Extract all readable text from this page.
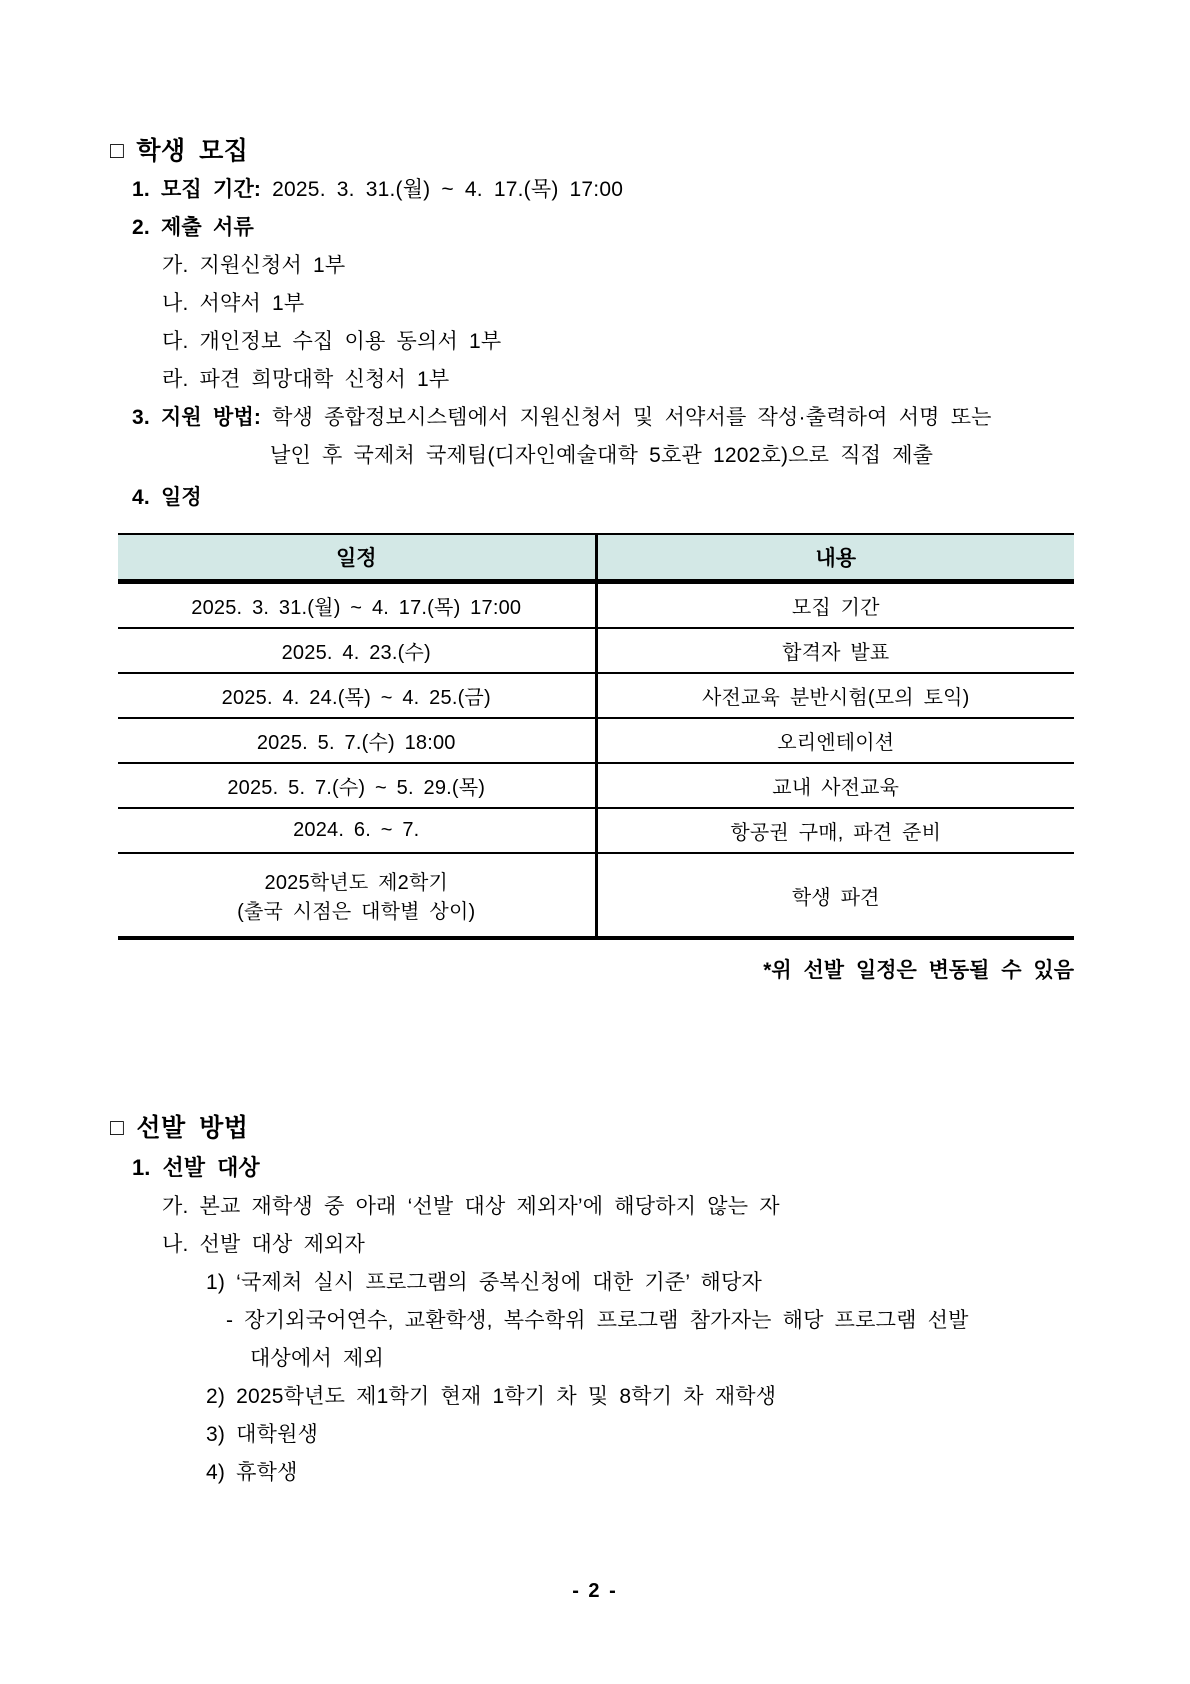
□ 학생 모집
1. 모집 기간: 2025. 3. 31.(월) ~ 4. 17.(목) 17:00
2. 제출 서류
가. 지원신청서 1부
나. 서약서 1부
다. 개인정보 수집 이용 동의서 1부
라. 파견 희망대학 신청서 1부
3. 지원 방법: 학생 종합정보시스템에서 지원신청서 및 서약서를 작성·출력하여 서명 또는
날인 후 국제처 국제팀(디자인예술대학 5호관 1202호)으로 직접 제출
4. 일정
일정	내용
2025. 3. 31.(월) ~ 4. 17.(목) 17:00	모집 기간
2025. 4. 23.(수)	합격자 발표
2025. 4. 24.(목) ~ 4. 25.(금)	사전교육 분반시험(모의 토익)
2025. 5. 7.(수) 18:00	오리엔테이션
2025. 5. 7.(수) ~ 5. 29.(목)	교내 사전교육
2024. 6. ~ 7.	항공권 구매, 파견 준비

2025학년도 제2학기
(출국 시점은 대학별 상이)	학생 파견
*위 선발 일정은 변동될 수 있음
□ 선발 방법
1. 선발 대상
가. 본교 재학생 중 아래 ‘선발 대상 제외자’에 해당하지 않는 자
나. 선발 대상 제외자
1) ‘국제처 실시 프로그램의 중복신청에 대한 기준’ 해당자
- 장기외국어연수, 교환학생, 복수학위 프로그램 참가자는 해당 프로그램 선발
대상에서 제외
2) 2025학년도 제1학기 현재 1학기 차 및 8학기 차 재학생
3) 대학원생
4) 휴학생
- 2 -
